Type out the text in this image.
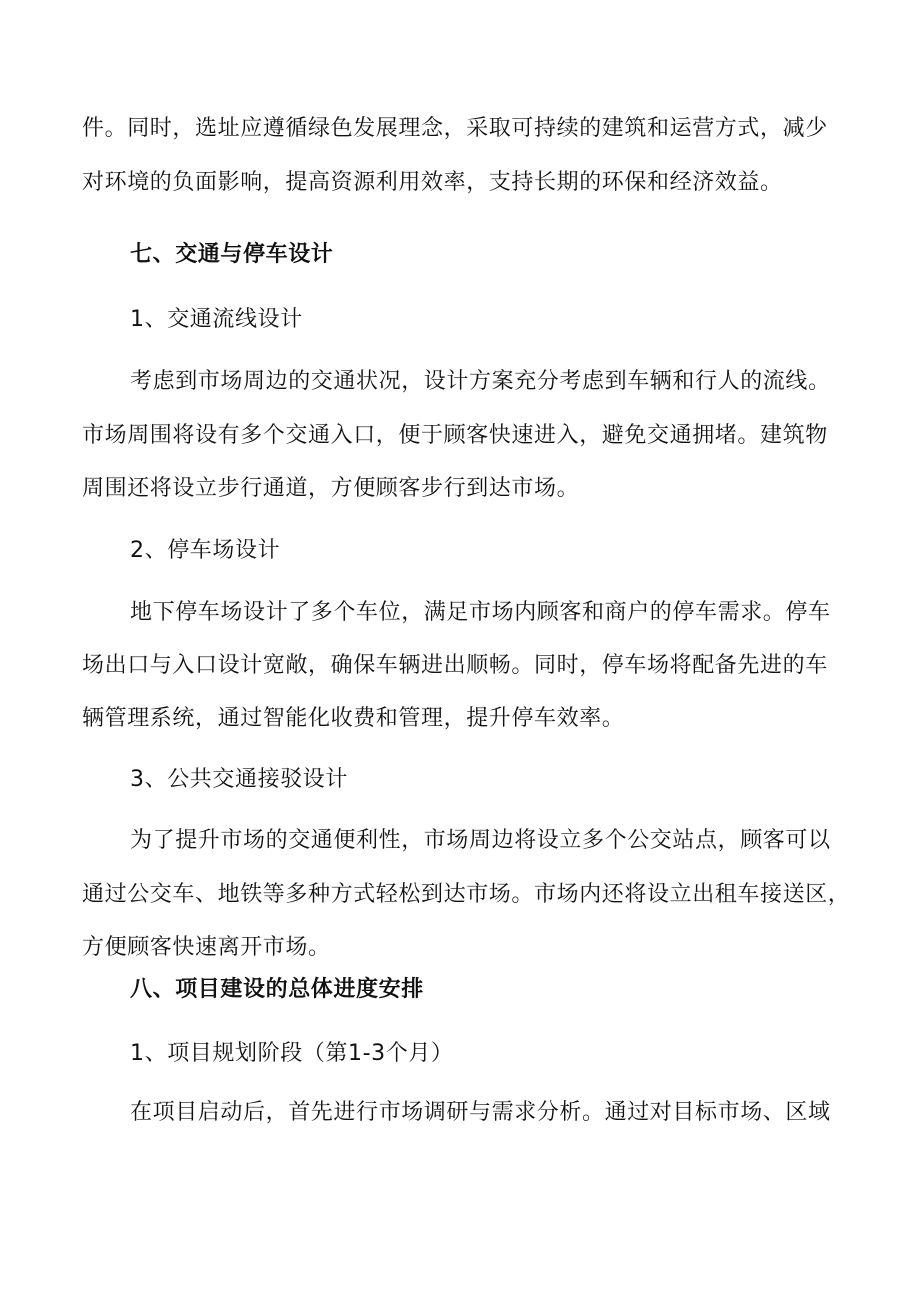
件。同时，选址应遵循绿色发展理念，采取可持续的建筑和运营方式，减少
对环境的负面影响，提高资源利用效率，支持长期的环保和经济效益。
七、交通与停车设计
1、交通流线设计
考虑到市场周边的交通状况，设计方案充分考虑到车辆和行人的流线。
市场周围将设有多个交通入口，便于顾客快速进入，避免交通拥堵。建筑物
周围还将设立步行通道，方便顾客步行到达市场。
2、停车场设计
地下停车场设计了多个车位，满足市场内顾客和商户的停车需求。停车
场出口与入口设计宽敞，确保车辆进出顺畅。同时，停车场将配备先进的车
辆管理系统，通过智能化收费和管理，提升停车效率。
3、公共交通接驳设计
为了提升市场的交通便利性，市场周边将设立多个公交站点，顾客可以
通过公交车、地铁等多种方式轻松到达市场。市场内还将设立出租车接送区，
方便顾客快速离开市场。
八、项目建设的总体进度安排
1、项目规划阶段（第1-3个月）
在项目启动后，首先进行市场调研与需求分析。通过对目标市场、区域
